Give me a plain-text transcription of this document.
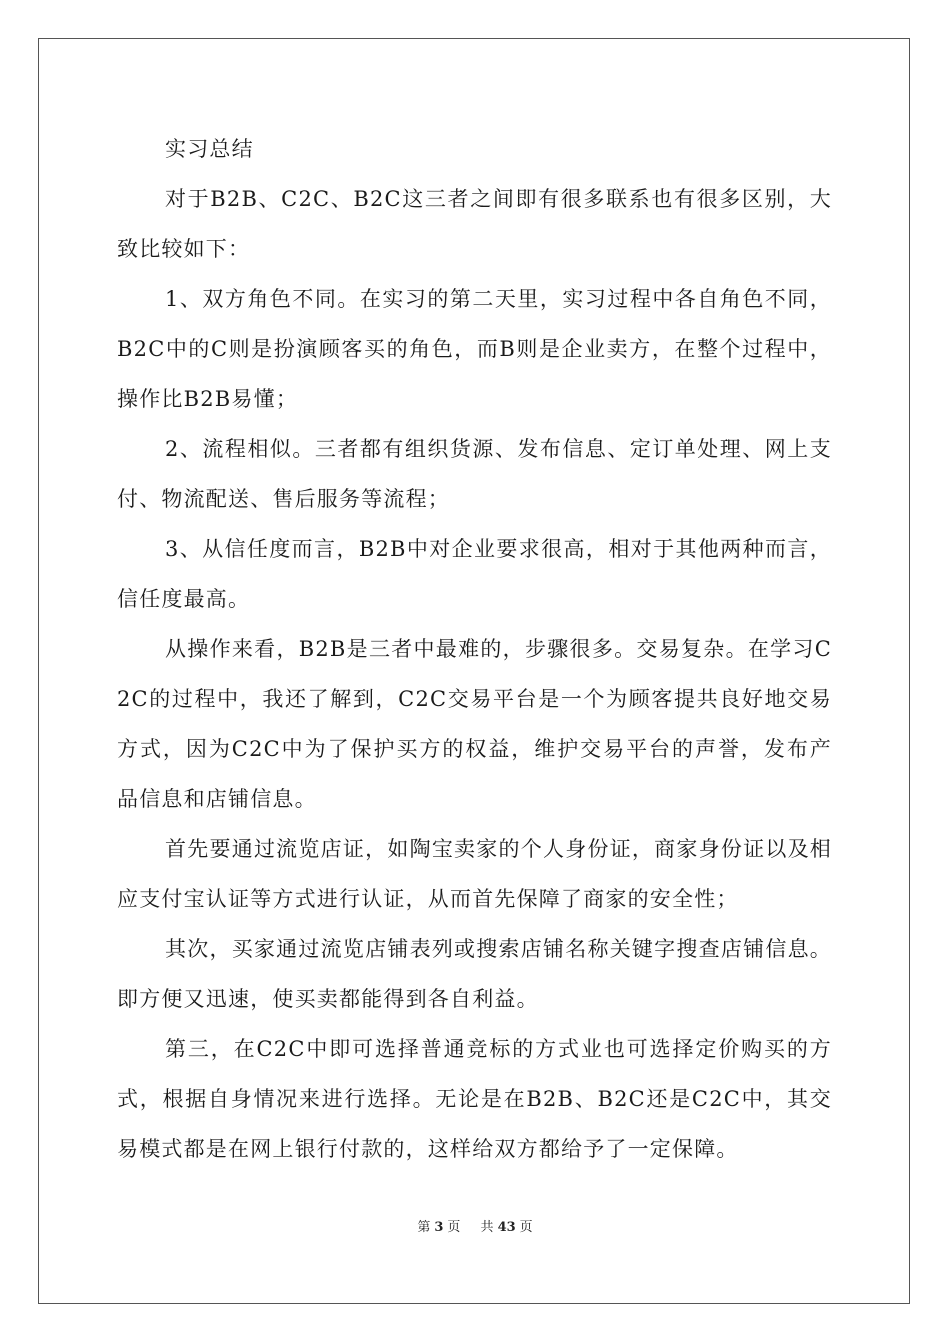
实习总结

对于B2B、C2C、B2C这三者之间即有很多联系也有很多区别，大致比较如下：

1、双方角色不同。在实习的第二天里，实习过程中各自角色不同，B2C中的C则是扮演顾客买的角色，而B则是企业卖方，在整个过程中，操作比B2B易懂；

2、流程相似。三者都有组织货源、发布信息、定订单处理、网上支付、物流配送、售后服务等流程；

3、从信任度而言，B2B中对企业要求很高，相对于其他两种而言，信任度最高。

从操作来看，B2B是三者中最难的，步骤很多。交易复杂。在学习C2C的过程中，我还了解到，C2C交易平台是一个为顾客提共良好地交易方式，因为C2C中为了保护买方的权益，维护交易平台的声誉，发布产品信息和店铺信息。

首先要通过流览店证，如陶宝卖家的个人身份证，商家身份证以及相应支付宝认证等方式进行认证，从而首先保障了商家的安全性；

其次，买家通过流览店铺表列或搜索店铺名称关键字搜查店铺信息。即方便又迅速，使买卖都能得到各自利益。

第三，在C2C中即可选择普通竞标的方式业也可选择定价购买的方式，根据自身情况来进行选择。无论是在B2B、B2C还是C2C中，其交易模式都是在网上银行付款的，这样给双方都给予了一定保障。

第 3 页 共 43 页
